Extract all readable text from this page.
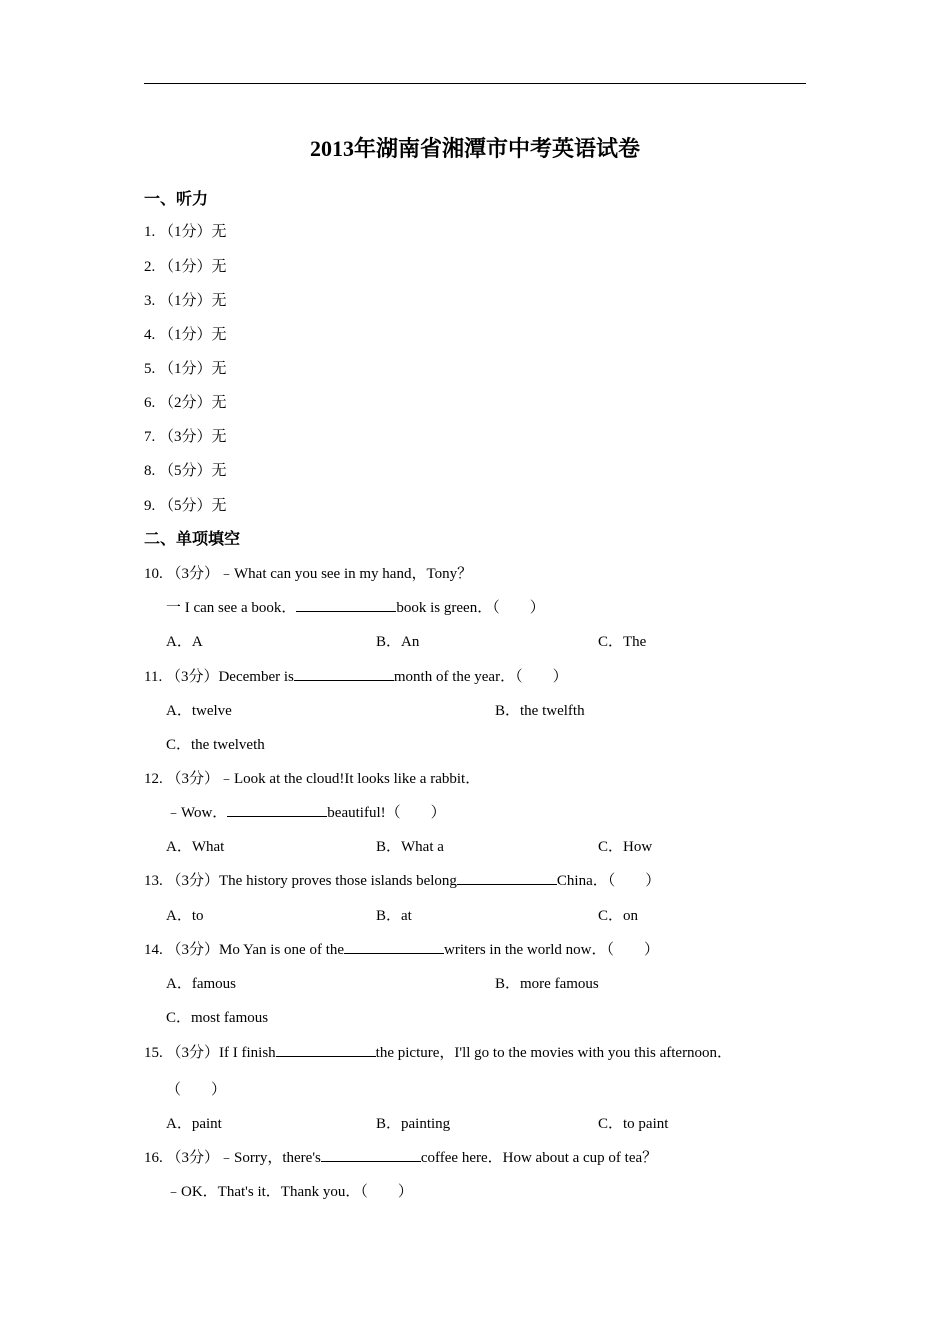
2013年湖南省湘潭市中考英语试卷
一、听力
1. （1分）无
2. （1分）无
3. （1分）无
4. （1分）无
5. （1分）无
6. （2分）无
7. （3分）无
8. （5分）无
9. （5分）无
二、单项填空
10. （3分）﹣What can you see in my hand，Tony？
一 I can see a book．	book is green．（　　）
A．A	B．An	C．The
11. （3分）December is	month of the year．（　　）
A．twelve	B．the twelfth
C．the twelveth
12. （3分）﹣Look at the cloud!It looks like a rabbit．
﹣Wow．	beautiful!（　　）
A．What	B．What a	C．How
13. （3分）The history proves those islands belong	China．（　　）
A．to	B．at	C．on
14. （3分）Mo Yan is one of the	writers in the world now．（　　）
A．famous	B．more famous
C．most famous
15. （3分）If I finish	the picture，I'll go to the movies with you this afternoon．
（　　）
A．paint	B．painting	C．to paint
16. （3分）﹣Sorry，there's	coffee here．How about a cup of tea？
﹣OK．That's it．Thank you．（　　）
